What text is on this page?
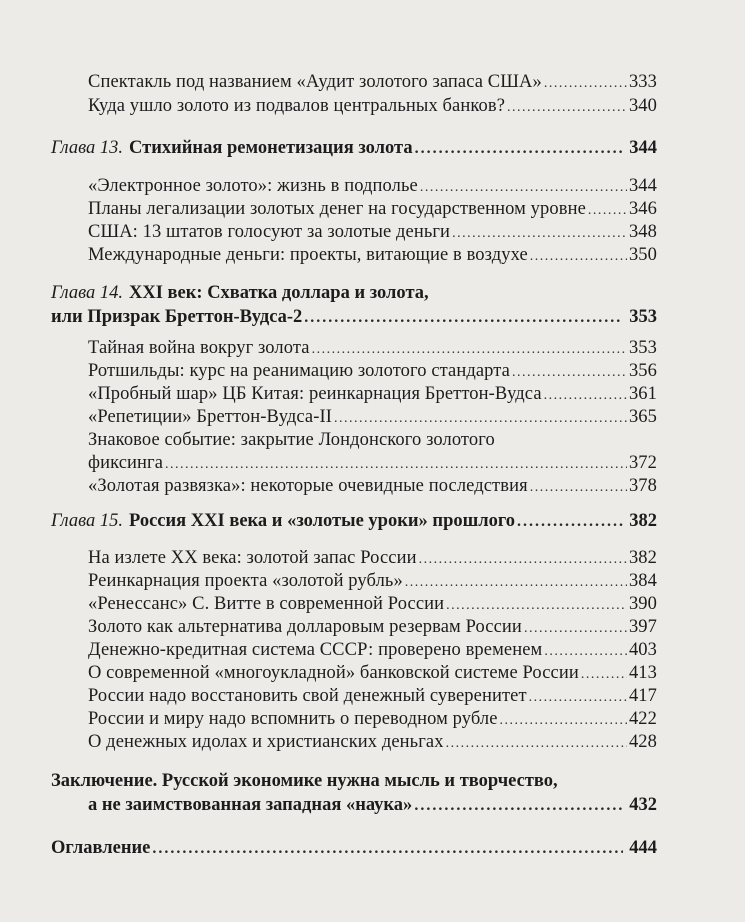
Спектакль под названием «Аудит золотого запаса США» .....	333
Куда ушло золото из подвалов центральных банков? .....	340
Глава 13. Стихийная ремонетизация золота .....	344
«Электронное золото»: жизнь в подполье .....	344
Планы легализации золотых денег на государственном уровне ..... 346
США: 13 штатов голосуют за золотые деньги .....	348
Международные деньги: проекты, витающие в воздухе .....	350
Глава 14. XXI век: Схватка доллара и золота,
или Призрак Бреттон-Вудса-2 .....	353
Тайная война вокруг золота .....	353
Ротшильды: курс на реанимацию золотого стандарта .....	356
«Пробный шар» ЦБ Китая: реинкарнация Бреттон-Вудса .....	361
«Репетиции» Бреттон-Вудса-II .....	365
Знаковое событие: закрытие Лондонского золотого
фиксинга .....	372
«Золотая развязка»: некоторые очевидные последствия .....	378
Глава 15. Россия XXI века и «золотые уроки» прошлого .....	382
На излете XX века: золотой запас России .....	382
Реинкарнация проекта «золотой рубль» .....	384
«Ренессанс» С. Витте в современной России .....	390
Золото как альтернатива долларовым резервам России .....	397
Денежно-кредитная система СССР: проверено временем .....	403
О современной «многоукладной» банковской системе России .....	413
России надо восстановить свой денежный суверенитет .....	417
России и миру надо вспомнить о переводном рубле .....	422
О денежных идолах и христианских деньгах .....	428
Заключение. Русской экономике нужна мысль и творчество,
а не заимствованная западная «наука» .....	432
Оглавление .....	444
